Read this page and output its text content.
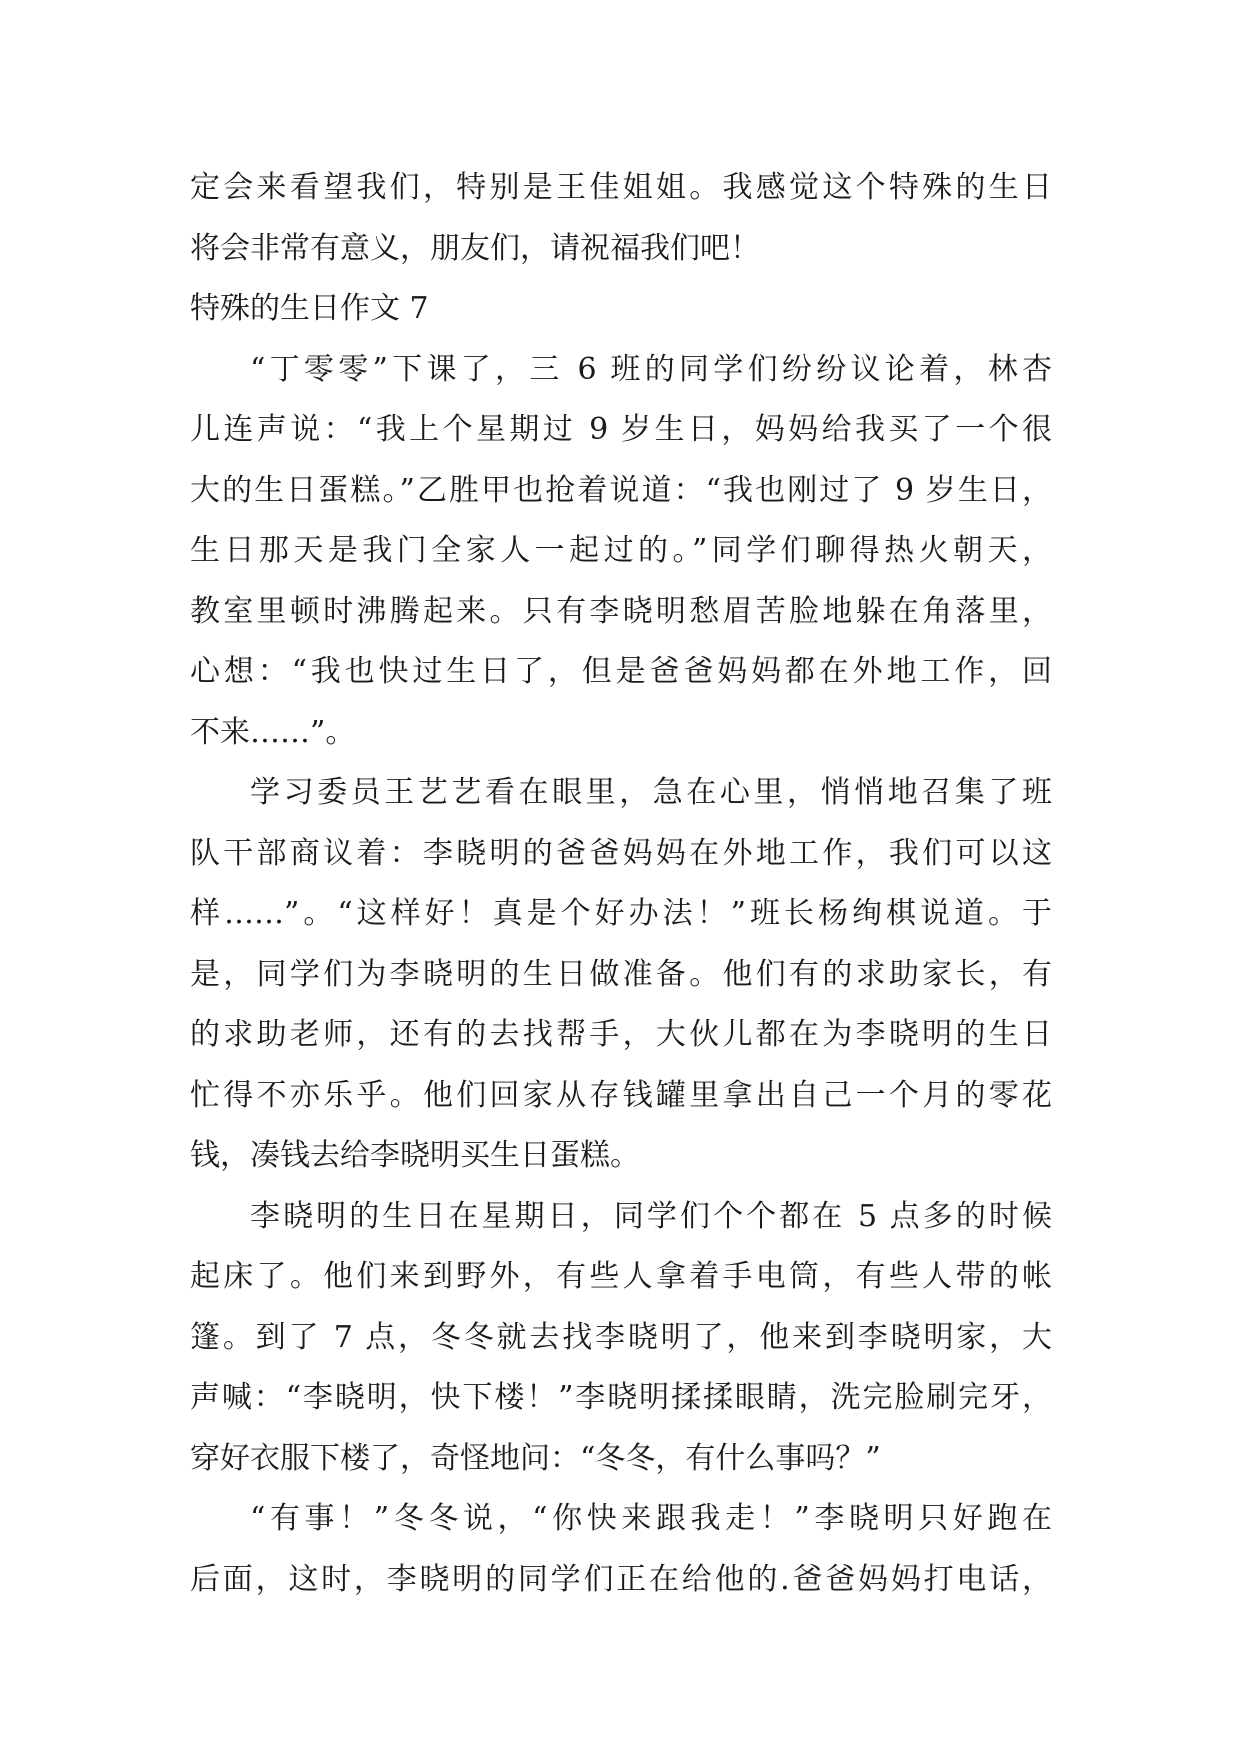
定会来看望我们，特别是王佳姐姐。我感觉这个特殊的生日
将会非常有意义，朋友们，请祝福我们吧！
特殊的生日作文 7
“丁零零”下课了，三 6 班的同学们纷纷议论着，林杏
儿连声说：“我上个星期过 9 岁生日，妈妈给我买了一个很
大的生日蛋糕。”乙胜甲也抢着说道：“我也刚过了 9 岁生日，
生日那天是我门全家人一起过的。”同学们聊得热火朝天，
教室里顿时沸腾起来。只有李晓明愁眉苦脸地躲在角落里，
心想：“我也快过生日了，但是爸爸妈妈都在外地工作，回
不来……”。
学习委员王艺艺看在眼里，急在心里，悄悄地召集了班
队干部商议着：李晓明的爸爸妈妈在外地工作，我们可以这
样……”。“这样好！真是个好办法！”班长杨绚棋说道。于
是，同学们为李晓明的生日做准备。他们有的求助家长，有
的求助老师，还有的去找帮手，大伙儿都在为李晓明的生日
忙得不亦乐乎。他们回家从存钱罐里拿出自己一个月的零花
钱，凑钱去给李晓明买生日蛋糕。
李晓明的生日在星期日，同学们个个都在 5 点多的时候
起床了。他们来到野外，有些人拿着手电筒，有些人带的帐
篷。到了 7 点，冬冬就去找李晓明了，他来到李晓明家，大
声喊：“李晓明，快下楼！”李晓明揉揉眼睛，洗完脸刷完牙，
穿好衣服下楼了，奇怪地问：“冬冬，有什么事吗？”
“有事！”冬冬说，“你快来跟我走！”李晓明只好跑在
后面，这时，李晓明的同学们正在给他的.爸爸妈妈打电话，
